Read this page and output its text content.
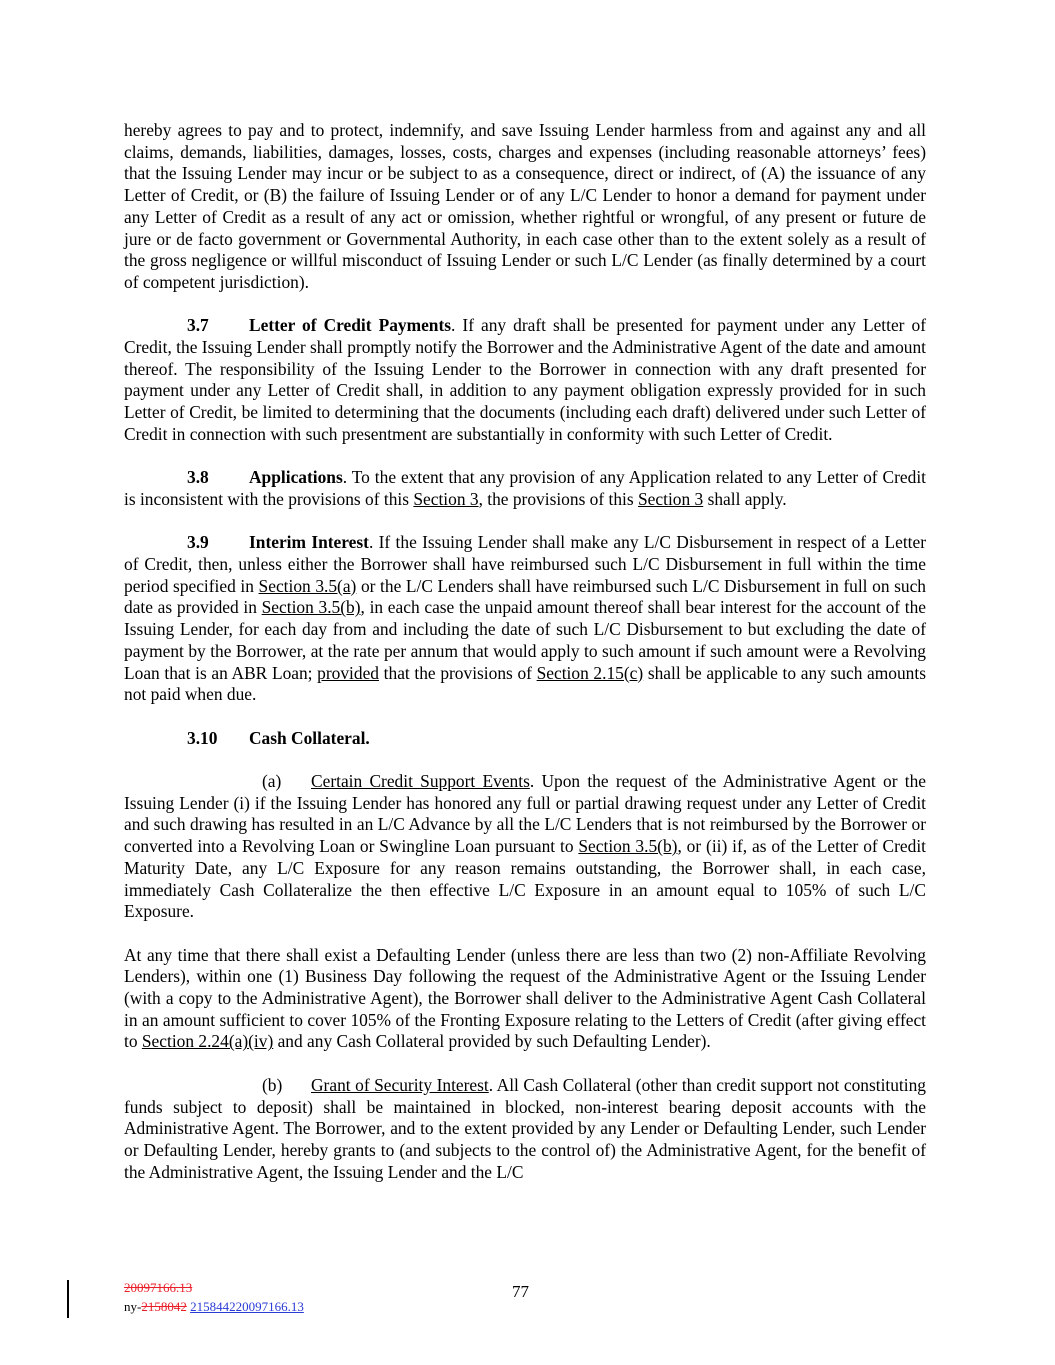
hereby agrees to pay and to protect, indemnify, and save Issuing Lender harmless from and against any and all claims, demands, liabilities, damages, losses, costs, charges and expenses (including reasonable attorneys’ fees) that the Issuing Lender may incur or be subject to as a consequence, direct or indirect, of (A) the issuance of any Letter of Credit, or (B) the failure of Issuing Lender or of any L/C Lender to honor a demand for payment under any Letter of Credit as a result of any act or omission, whether rightful or wrongful, of any present or future de jure or de facto government or Governmental Authority, in each case other than to the extent solely as a result of the gross negligence or willful misconduct of Issuing Lender or such L/C Lender (as finally determined by a court of competent jurisdiction).

3.7 Letter of Credit Payments. If any draft shall be presented for payment under any Letter of Credit, the Issuing Lender shall promptly notify the Borrower and the Administrative Agent of the date and amount thereof. The responsibility of the Issuing Lender to the Borrower in connection with any draft presented for payment under any Letter of Credit shall, in addition to any payment obligation expressly provided for in such Letter of Credit, be limited to determining that the documents (including each draft) delivered under such Letter of Credit in connection with such presentment are substantially in conformity with such Letter of Credit.

3.8 Applications. To the extent that any provision of any Application related to any Letter of Credit is inconsistent with the provisions of this Section 3, the provisions of this Section 3 shall apply.

3.9 Interim Interest. If the Issuing Lender shall make any L/C Disbursement in respect of a Letter of Credit, then, unless either the Borrower shall have reimbursed such L/C Disbursement in full within the time period specified in Section 3.5(a) or the L/C Lenders shall have reimbursed such L/C Disbursement in full on such date as provided in Section 3.5(b), in each case the unpaid amount thereof shall bear interest for the account of the Issuing Lender, for each day from and including the date of such L/C Disbursement to but excluding the date of payment by the Borrower, at the rate per annum that would apply to such amount if such amount were a Revolving Loan that is an ABR Loan; provided that the provisions of Section 2.15(c) shall be applicable to any such amounts not paid when due.

3.10 Cash Collateral.

(a) Certain Credit Support Events. Upon the request of the Administrative Agent or the Issuing Lender (i) if the Issuing Lender has honored any full or partial drawing request under any Letter of Credit and such drawing has resulted in an L/C Advance by all the L/C Lenders that is not reimbursed by the Borrower or converted into a Revolving Loan or Swingline Loan pursuant to Section 3.5(b), or (ii) if, as of the Letter of Credit Maturity Date, any L/C Exposure for any reason remains outstanding, the Borrower shall, in each case, immediately Cash Collateralize the then effective L/C Exposure in an amount equal to 105% of such L/C Exposure.

At any time that there shall exist a Defaulting Lender (unless there are less than two (2) non-Affiliate Revolving Lenders), within one (1) Business Day following the request of the Administrative Agent or the Issuing Lender (with a copy to the Administrative Agent), the Borrower shall deliver to the Administrative Agent Cash Collateral in an amount sufficient to cover 105% of the Fronting Exposure relating to the Letters of Credit (after giving effect to Section 2.24(a)(iv) and any Cash Collateral provided by such Defaulting Lender).

(b) Grant of Security Interest. All Cash Collateral (other than credit support not constituting funds subject to deposit) shall be maintained in blocked, non-interest bearing deposit accounts with the Administrative Agent. The Borrower, and to the extent provided by any Lender or Defaulting Lender, such Lender or Defaulting Lender, hereby grants to (and subjects to the control of) the Administrative Agent, for the benefit of the Administrative Agent, the Issuing Lender and the L/C

20097166.13
ny-2158042 215844220097166.13
77
